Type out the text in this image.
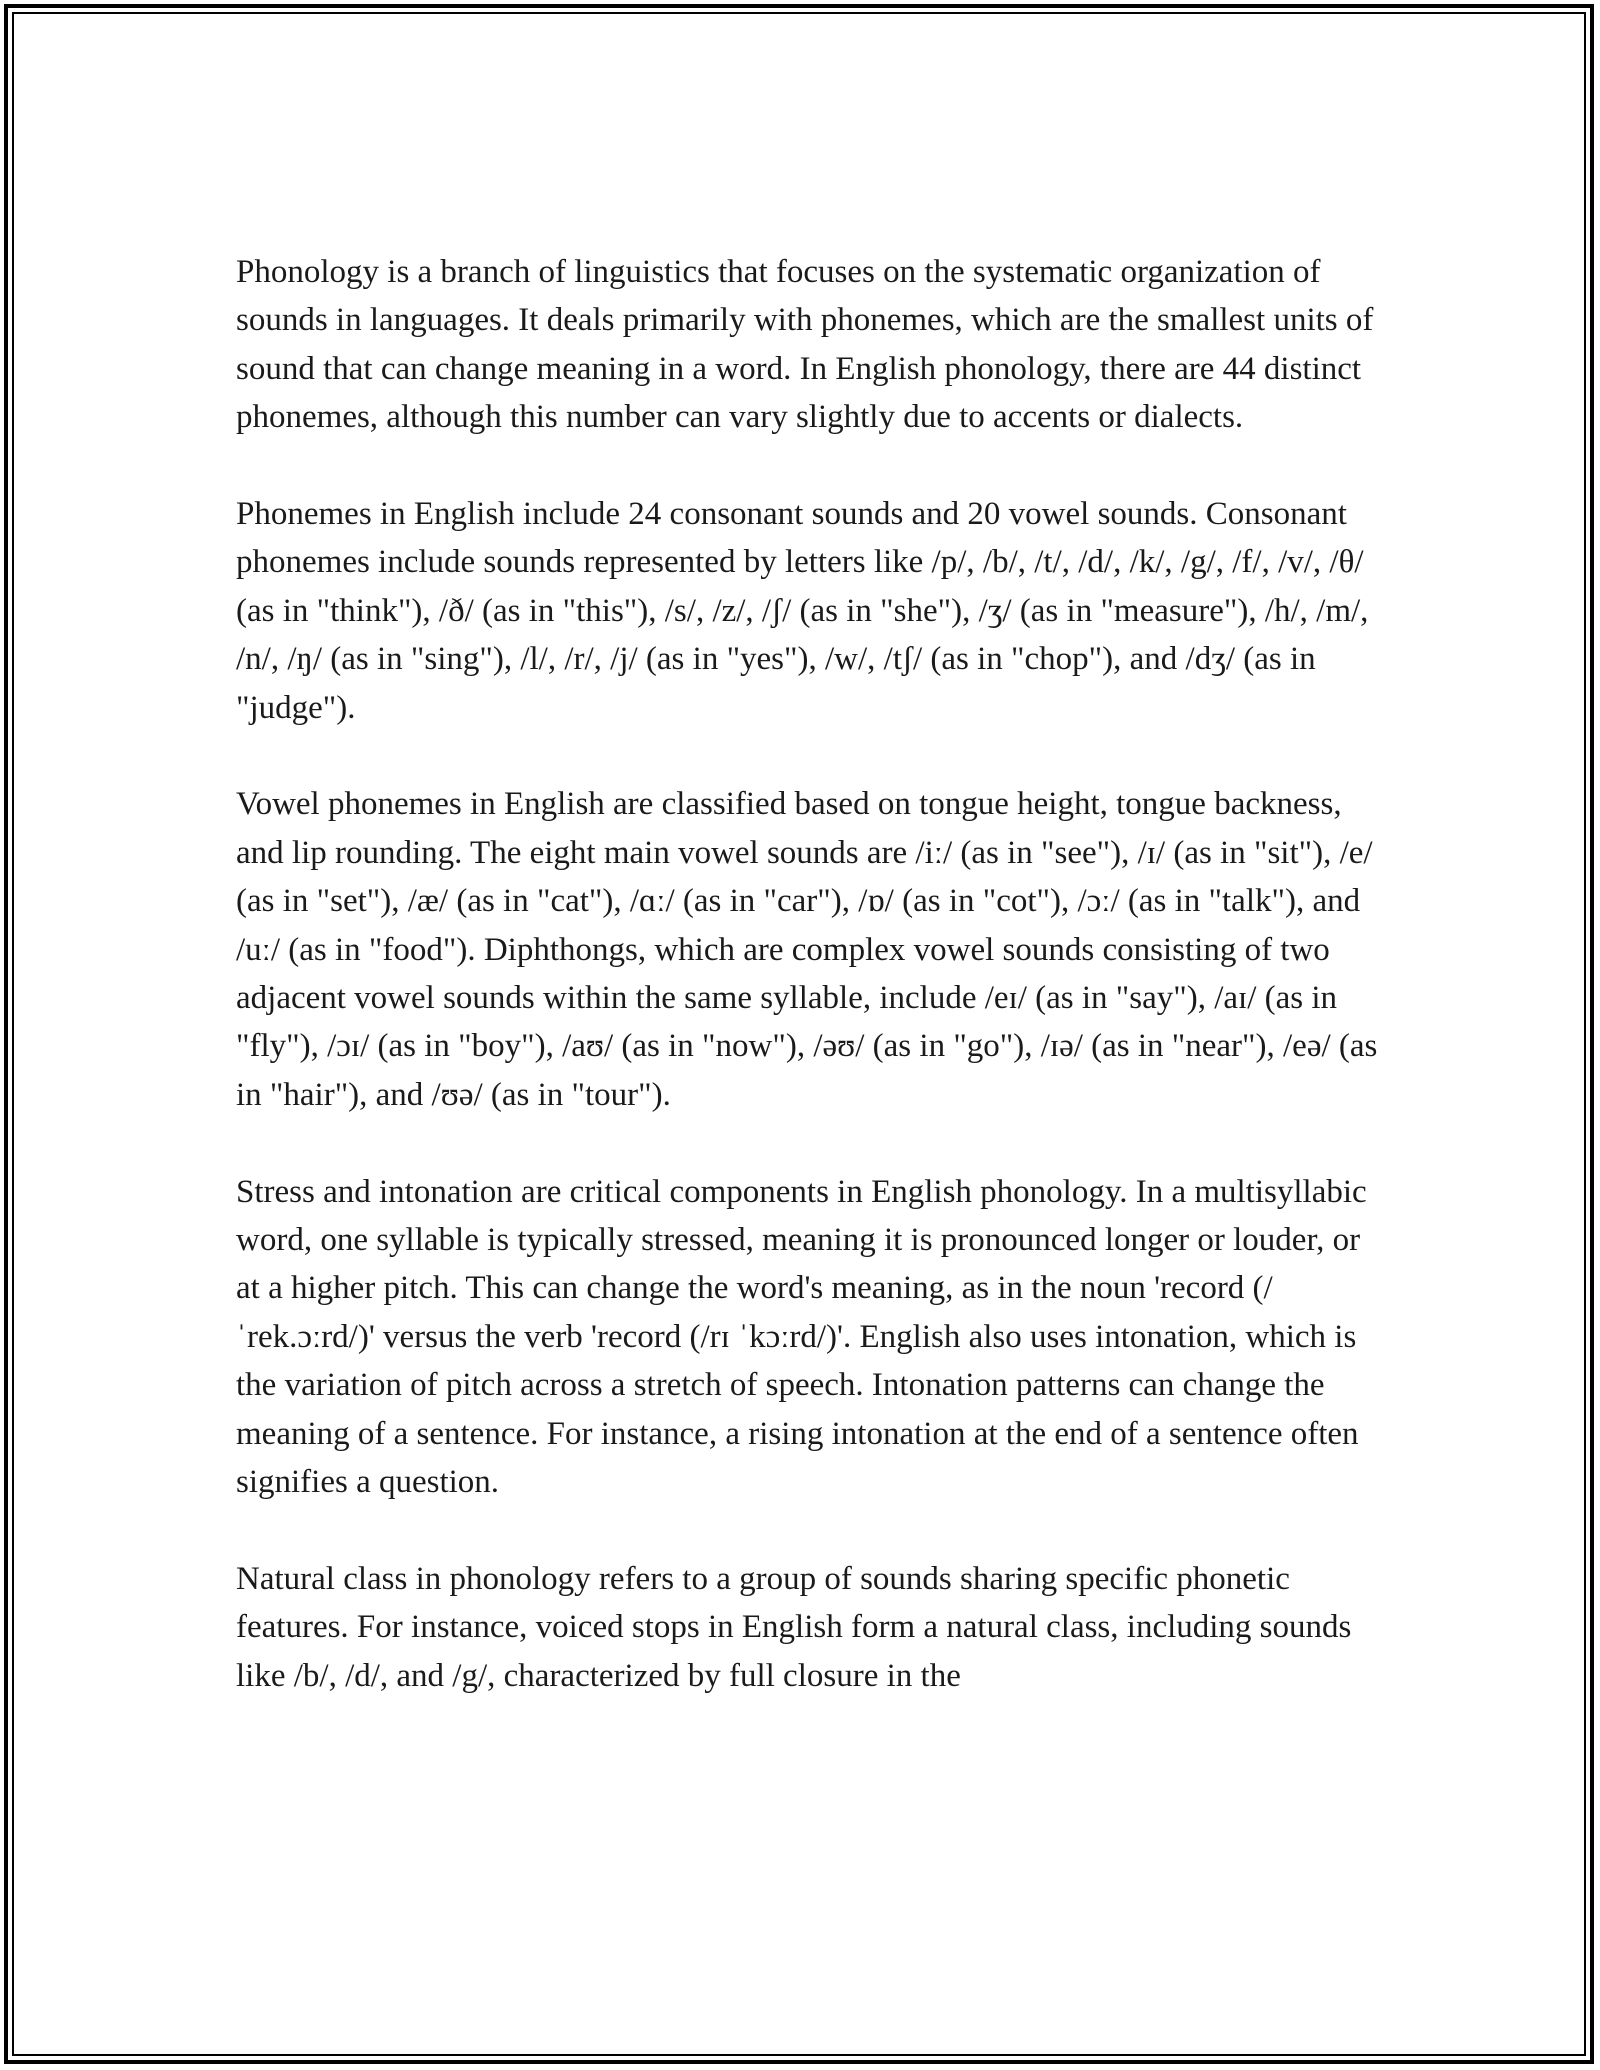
Phonology is a branch of linguistics that focuses on the systematic organization of sounds in languages. It deals primarily with phonemes, which are the smallest units of sound that can change meaning in a word. In English phonology, there are 44 distinct phonemes, although this number can vary slightly due to accents or dialects.

Phonemes in English include 24 consonant sounds and 20 vowel sounds. Consonant phonemes include sounds represented by letters like /p/, /b/, /t/, /d/, /k/, /g/, /f/, /v/, /θ/ (as in "think"), /ð/ (as in "this"), /s/, /z/, /ʃ/ (as in "she"), /ʒ/ (as in "measure"), /h/, /m/, /n/, /ŋ/ (as in "sing"), /l/, /r/, /j/ (as in "yes"), /w/, /tʃ/ (as in "chop"), and /dʒ/ (as in "judge").

Vowel phonemes in English are classified based on tongue height, tongue backness, and lip rounding. The eight main vowel sounds are /iː/ (as in "see"), /ɪ/ (as in "sit"), /e/ (as in "set"), /æ/ (as in "cat"), /ɑː/ (as in "car"), /ɒ/ (as in "cot"), /ɔː/ (as in "talk"), and /uː/ (as in "food"). Diphthongs, which are complex vowel sounds consisting of two adjacent vowel sounds within the same syllable, include /eɪ/ (as in "say"), /aɪ/ (as in "fly"), /ɔɪ/ (as in "boy"), /aʊ/ (as in "now"), /əʊ/ (as in "go"), /ɪə/ (as in "near"), /eə/ (as in "hair"), and /ʊə/ (as in "tour").

Stress and intonation are critical components in English phonology. In a multisyllabic word, one syllable is typically stressed, meaning it is pronounced longer or louder, or at a higher pitch. This can change the word's meaning, as in the noun 'record (/ˈrek.ɔːrd/)' versus the verb 'record (/rɪ ˈkɔːrd/)'. English also uses intonation, which is the variation of pitch across a stretch of speech. Intonation patterns can change the meaning of a sentence. For instance, a rising intonation at the end of a sentence often signifies a question.

Natural class in phonology refers to a group of sounds sharing specific phonetic features. For instance, voiced stops in English form a natural class, including sounds like /b/, /d/, and /g/, characterized by full closure in the
